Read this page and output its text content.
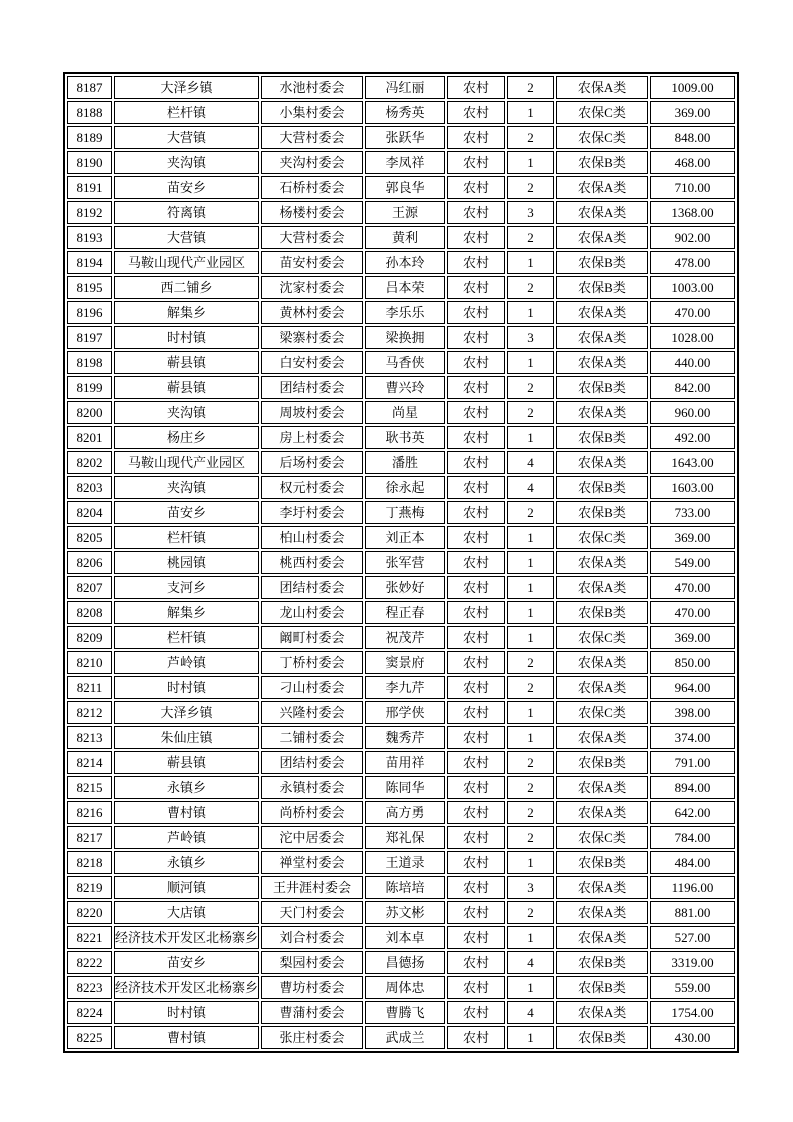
8187	大泽乡镇	水池村委会	冯红丽	农村	2	农保A类	1009.00
8188	栏杆镇	小集村委会	杨秀英	农村	1	农保C类	369.00
8189	大营镇	大营村委会	张跃华	农村	2	农保C类	848.00
8190	夹沟镇	夹沟村委会	李凤祥	农村	1	农保B类	468.00
8191	苗安乡	石桥村委会	郭良华	农村	2	农保A类	710.00
8192	符离镇	杨楼村委会	王源	农村	3	农保A类	1368.00
8193	大营镇	大营村委会	黄利	农村	2	农保A类	902.00
8194	马鞍山现代产业园区	苗安村委会	孙本玲	农村	1	农保B类	478.00
8195	西二铺乡	沈家村委会	吕本荣	农村	2	农保B类	1003.00
8196	解集乡	黄林村委会	李乐乐	农村	1	农保A类	470.00
8197	时村镇	梁寨村委会	梁换拥	农村	3	农保A类	1028.00
8198	蕲县镇	白安村委会	马香侠	农村	1	农保A类	440.00
8199	蕲县镇	团结村委会	曹兴玲	农村	2	农保B类	842.00
8200	夹沟镇	周坡村委会	尚星	农村	2	农保A类	960.00
8201	杨庄乡	房上村委会	耿书英	农村	1	农保B类	492.00
8202	马鞍山现代产业园区	后场村委会	潘胜	农村	4	农保A类	1643.00
8203	夹沟镇	权元村委会	徐永起	农村	4	农保B类	1603.00
8204	苗安乡	李圩村委会	丁燕梅	农村	2	农保B类	733.00
8205	栏杆镇	柏山村委会	刘正本	农村	1	农保C类	369.00
8206	桃园镇	桃西村委会	张军营	农村	1	农保A类	549.00
8207	支河乡	团结村委会	张妙好	农村	1	农保A类	470.00
8208	解集乡	龙山村委会	程正春	农村	1	农保B类	470.00
8209	栏杆镇	阚町村委会	祝茂芹	农村	1	农保C类	369.00
8210	芦岭镇	丁桥村委会	窦景府	农村	2	农保A类	850.00
8211	时村镇	刁山村委会	李九芹	农村	2	农保A类	964.00
8212	大泽乡镇	兴隆村委会	邢学侠	农村	1	农保C类	398.00
8213	朱仙庄镇	二铺村委会	魏秀芹	农村	1	农保A类	374.00
8214	蕲县镇	团结村委会	苗用祥	农村	2	农保B类	791.00
8215	永镇乡	永镇村委会	陈同华	农村	2	农保A类	894.00
8216	曹村镇	尚桥村委会	高方勇	农村	2	农保A类	642.00
8217	芦岭镇	沱中居委会	郑礼保	农村	2	农保C类	784.00
8218	永镇乡	禅堂村委会	王道录	农村	1	农保B类	484.00
8219	顺河镇	王井涯村委会	陈培培	农村	3	农保A类	1196.00
8220	大店镇	天门村委会	苏文彬	农村	2	农保A类	881.00
8221	经济技术开发区北杨寨乡	刘合村委会	刘本卓	农村	1	农保A类	527.00
8222	苗安乡	梨园村委会	昌德扬	农村	4	农保B类	3319.00
8223	经济技术开发区北杨寨乡	曹坊村委会	周体忠	农村	1	农保B类	559.00
8224	时村镇	曹蒲村委会	曹腾飞	农村	4	农保A类	1754.00
8225	曹村镇	张庄村委会	武成兰	农村	1	农保B类	430.00
